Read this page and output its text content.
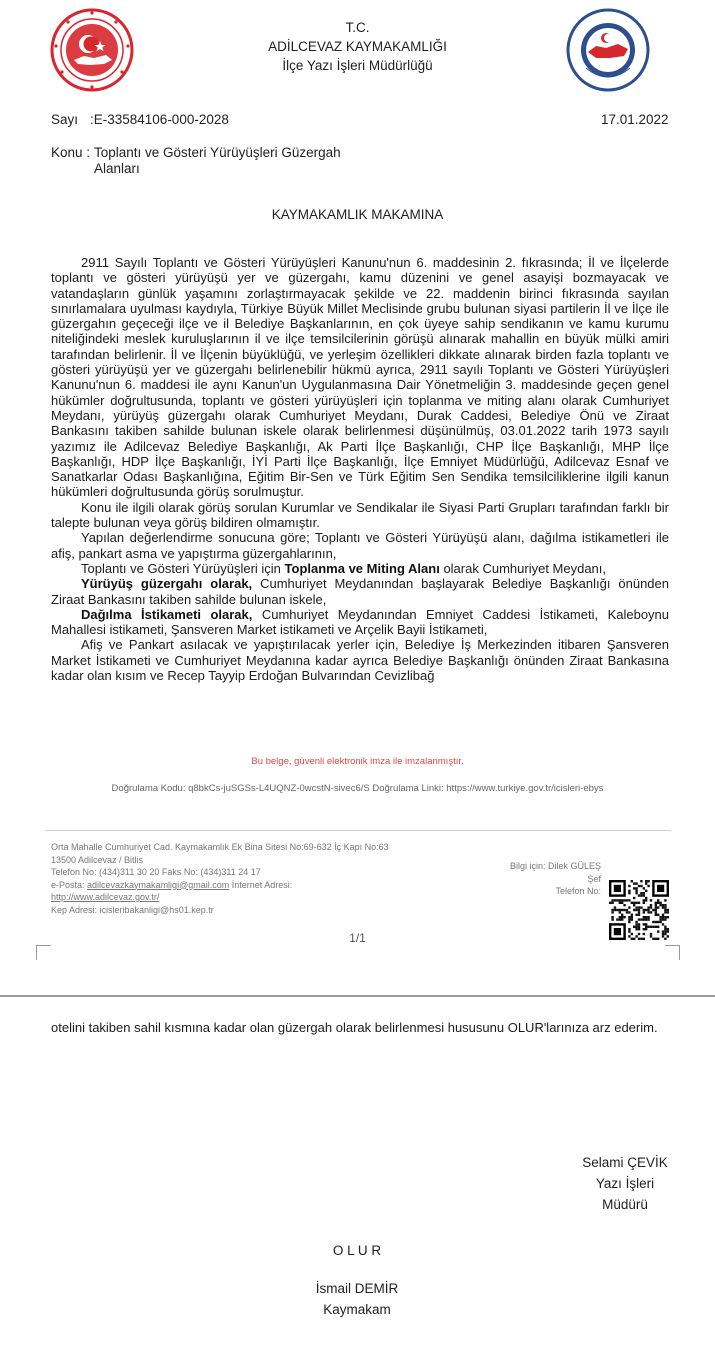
T.C.
ADİLCEVAZ KAYMAKAMLIĞI
İlçe Yazı İşleri Müdürlüğü
Sayı :E-33584106-000-2028	17.01.2022
Konu : Toplantı ve Gösteri Yürüyüşleri Güzergah
Alanları
KAYMAKAMLIK MAKAMINA

2911 Sayılı Toplantı ve Gösteri Yürüyüşleri Kanunu'nun 6. maddesinin 2. fıkrasında; İl ve İlçelerde toplantı ve gösteri yürüyüşü yer ve güzergahı, kamu düzenini ve genel asayişi bozmayacak ve vatandaşların günlük yaşamını zorlaştırmayacak şekilde ve 22. maddenin birinci fıkrasında sayılan sınırlamalara uyulması kaydıyla, Türkiye Büyük Millet Meclisinde grubu bulunan siyasi partilerin İl ve İlçe ile güzergahın geçeceği ilçe ve il Belediye Başkanlarının, en çok üyeye sahip sendikanın ve kamu kurumu niteliğindeki meslek kuruluşlarının il ve ilçe temsilcilerinin görüşü alınarak mahallin en büyük mülki amiri tarafından belirlenir. İl ve İlçenin büyüklüğü, ve yerleşim özellikleri dikkate alınarak birden fazla toplantı ve gösteri yürüyüşü yer ve güzergahı belirlenebilir hükmü ayrıca, 2911 sayılı Toplantı ve Gösteri Yürüyüşleri Kanunu'nun 6. maddesi ile aynı Kanun'un Uygulanmasına Dair Yönetmeliğin 3. maddesinde geçen genel hükümler doğrultusunda, toplantı ve gösteri yürüyüşleri için toplanma ve miting alanı olarak Cumhuriyet Meydanı, yürüyüş güzergahı olarak Cumhuriyet Meydanı, Durak Caddesi, Belediye Önü ve Ziraat Bankasını takiben sahilde bulunan iskele olarak belirlenmesi düşünülmüş, 03.01.2022 tarih 1973 sayılı yazımız ile Adilcevaz Belediye Başkanlığı, Ak Parti İlçe Başkanlığı, CHP İlçe Başkanlığı, MHP İlçe Başkanlığı, HDP İlçe Başkanlığı, İYİ Parti İlçe Başkanlığı, İlçe Emniyet Müdürlüğü, Adilcevaz Esnaf ve Sanatkarlar Odası Başkanlığına, Eğitim Bir-Sen ve Türk Eğitim Sen Sendika temsilciliklerine ilgili kanun hükümleri doğrultusunda görüş sorulmuştur.

Konu ile ilgili olarak görüş sorulan Kurumlar ve Sendikalar ile Siyasi Parti Grupları tarafından farklı bir talepte bulunan veya görüş bildiren olmamıştır.

Yapılan değerlendirme sonucuna göre; Toplantı ve Gösteri Yürüyüşü alanı, dağılma istikametleri ile afiş, pankart asma ve yapıştırma güzergahlarının,

Toplantı ve Gösteri Yürüyüşleri için Toplanma ve Miting Alanı olarak Cumhuriyet Meydanı,

Yürüyüş güzergahı olarak, Cumhuriyet Meydanından başlayarak Belediye Başkanlığı önünden Ziraat Bankasını takiben sahilde bulunan iskele,

Dağılma İstikameti olarak, Cumhuriyet Meydanından Emniyet Caddesi İstikameti, Kaleboynu Mahallesi istikameti, Şansveren Market istikameti ve Arçelik Bayii İstikameti,

Afiş ve Pankart asılacak ve yapıştırılacak yerler için, Belediye İş Merkezinden itibaren Şansveren Market İstikameti ve Cumhuriyet Meydanına kadar ayrıca Belediye Başkanlığı önünden Ziraat Bankasına kadar olan kısım ve Recep Tayyip Erdoğan Bulvarından Cevizlibağ

Bu belge, güvenli elektronik imza ile imzalanmıştır.
Doğrulama Kodu: q8bkCs-juSGSs-L4UQNZ-0wcstN-sivec6/S Doğrulama Linki: https://www.turkiye.gov.tr/icisleri-ebys
Orta Mahalle Cumhuriyet Cad. Kaymakamlık Ek Bina Sitesi No:69-632 İç Kapı No:63
13500 Adilcevaz / Bitlis
Telefon No: (434)311 30 20 Faks No: (434)311 24 17
e-Posta: adilcevazkaymakamligi@gmail.com İnternet Adresi:
http://www.adilcevaz.gov.tr/
Kep Adresi: icisleribakanligi@hs01.kep.tr
Bilgi için: Dilek GÜLEŞ
Şef
Telefon No:
1/1

otelini takiben sahil kısmına kadar olan güzergah olarak belirlenmesi hususunu OLUR'larınıza arz ederim.

Selami ÇEVİK
Yazı İşleri
Müdürü
O L U R
İsmail DEMİR
Kaymakam
